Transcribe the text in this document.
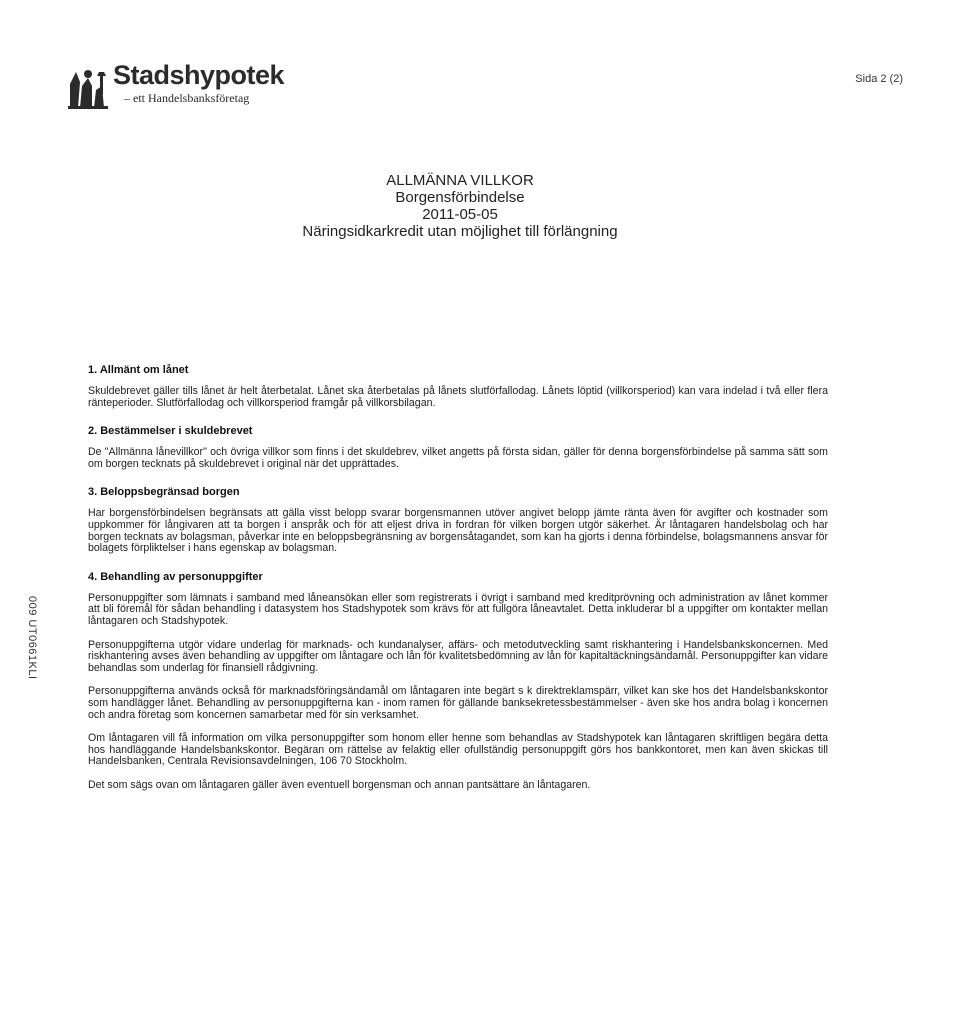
Stadshypotek
– ett Handelsbanksföretag
Sida 2 (2)
ALLMÄNNA VILLKOR
Borgensförbindelse
2011-05-05
Näringsidkarkredit utan möjlighet till förlängning
009 UT0661KLI
1. Allmänt om lånet

Skuldebrevet gäller tills lånet är helt återbetalat. Lånet ska återbetalas på lånets slutförfallodag. Lånets löptid (villkorsperiod) kan vara indelad i två eller flera ränteperioder. Slutförfallodag och villkorsperiod framgår på villkorsbilagan.

2. Bestämmelser i skuldebrevet

De "Allmänna lånevillkor" och övriga villkor som finns i det skuldebrev, vilket angetts på första sidan, gäller för denna borgensförbindelse på samma sätt som om borgen tecknats på skuldebrevet i original när det upprättades.

3. Beloppsbegränsad borgen

Har borgensförbindelsen begränsats att gälla visst belopp svarar borgensmannen utöver angivet belopp jämte ränta även för avgifter och kostnader som uppkommer för långivaren att ta borgen i anspråk och för att eljest driva in fordran för vilken borgen utgör säkerhet. Är låntagaren handelsbolag och har borgen tecknats av bolagsman, påverkar inte en beloppsbegränsning av borgensåtagandet, som kan ha gjorts i denna förbindelse, bolagsmannens ansvar för bolagets förpliktelser i hans egenskap av bolagsman.

4. Behandling av personuppgifter

Personuppgifter som lämnats i samband med låneansökan eller som registrerats i övrigt i samband med kreditprövning och administration av lånet kommer att bli föremål för sådan behandling i datasystem hos Stadshypotek som krävs för att fullgöra låneavtalet. Detta inkluderar bl a uppgifter om kontakter mellan låntagaren och Stadshypotek.

Personuppgifterna utgör vidare underlag för marknads- och kundanalyser, affärs- och metodutveckling samt riskhantering i Handelsbankskoncernen. Med riskhantering avses även behandling av uppgifter om låntagare och lån för kvalitetsbedömning av lån för kapitaltäckningsändamål. Personuppgifter kan vidare behandlas som underlag för finansiell rådgivning.

Personuppgifterna används också för marknadsföringsändamål om låntagaren inte begärt s k direktreklamspärr, vilket kan ske hos det Handelsbankskontor som handlägger lånet. Behandling av personuppgifterna kan - inom ramen för gällande banksekretessbestämmelser - även ske hos andra bolag i koncernen och andra företag som koncernen samarbetar med för sin verksamhet.

Om låntagaren vill få information om vilka personuppgifter som honom eller henne som behandlas av Stadshypotek kan låntagaren skriftligen begära detta hos handläggande Handelsbankskontor. Begäran om rättelse av felaktig eller ofullständig personuppgift görs hos bankkontoret, men kan även skickas till Handelsbanken, Centrala Revisionsavdelningen, 106 70 Stockholm.

Det som sägs ovan om låntagaren gäller även eventuell borgensman och annan pantsättare än låntagaren.
